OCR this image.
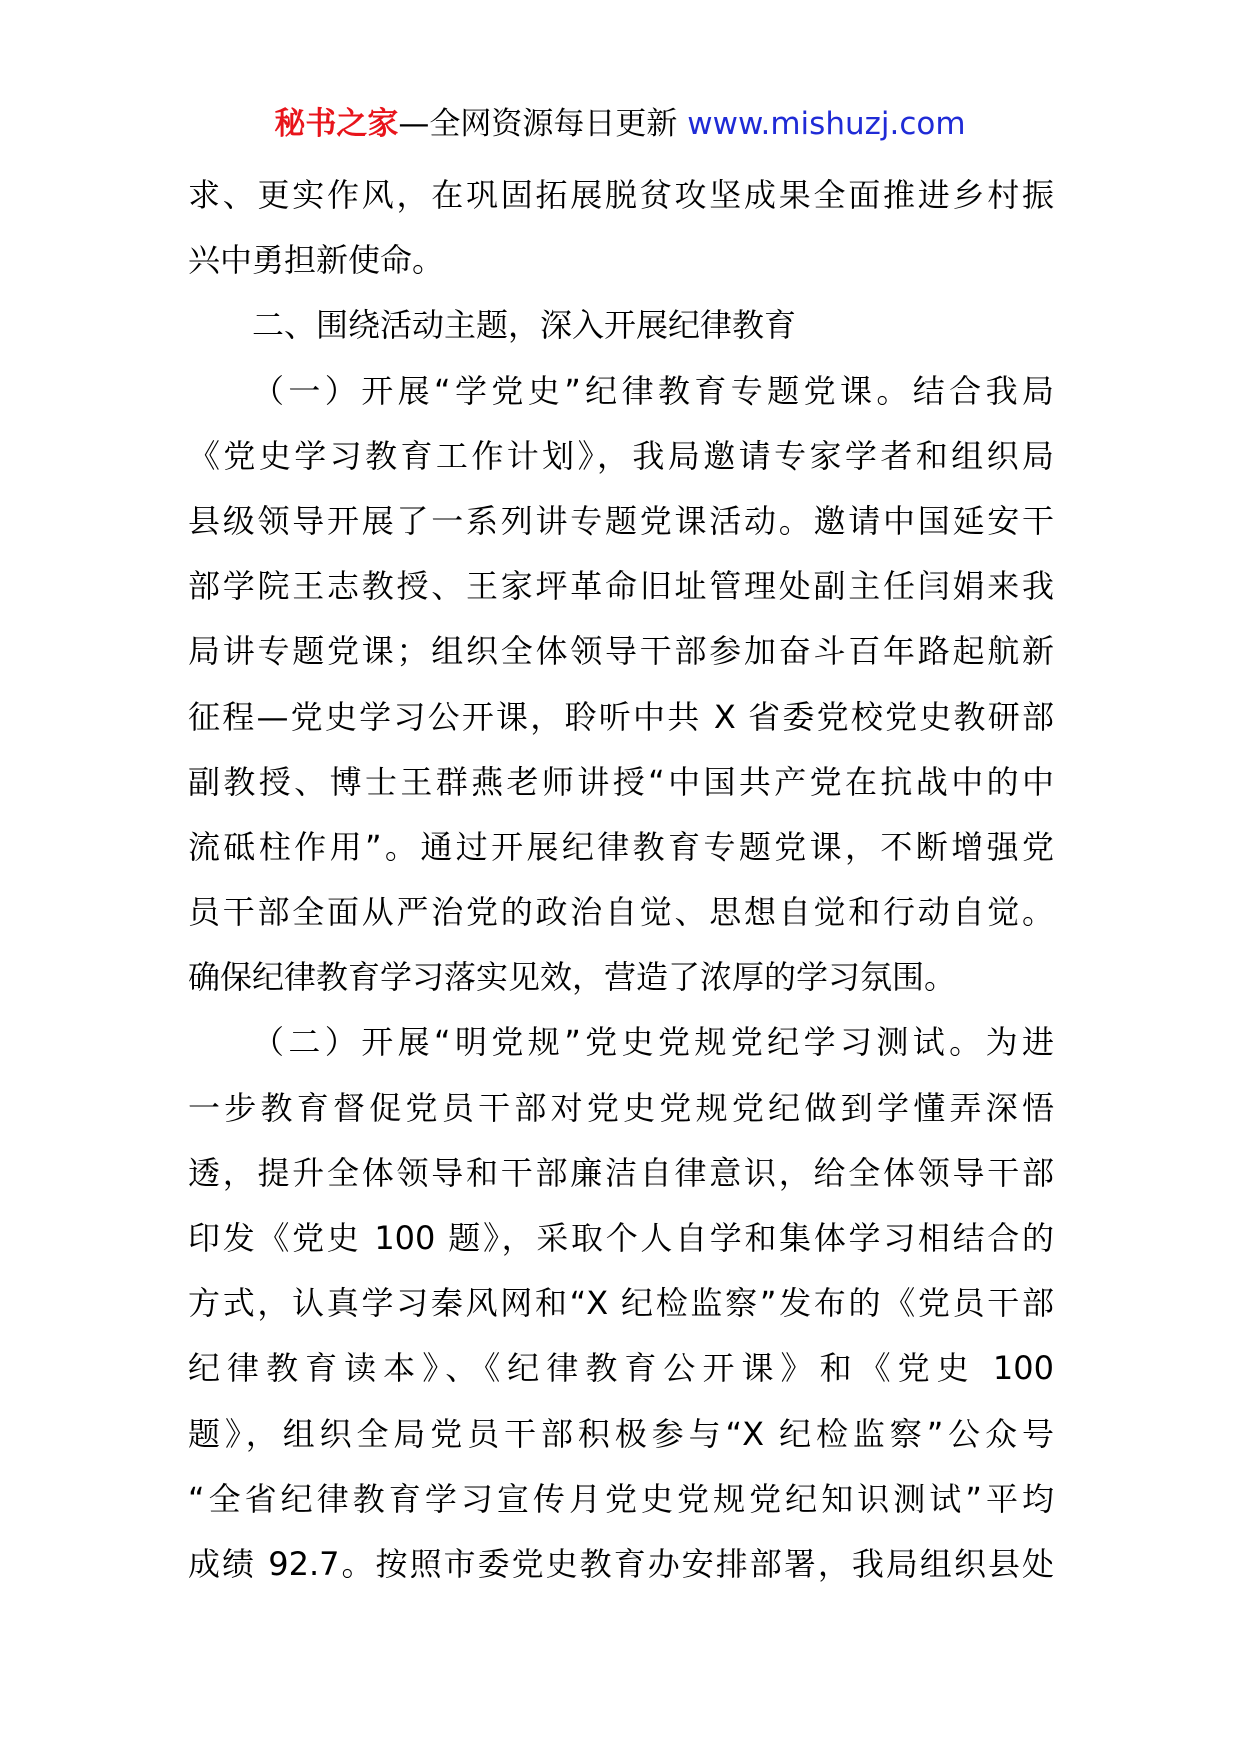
秘书之家—全网资源每日更新 www.mishuzj.com
求、更实作风，在巩固拓展脱贫攻坚成果全面推进乡村振
兴中勇担新使命。
二、围绕活动主题，深入开展纪律教育
（一）开展“学党史”纪律教育专题党课。结合我局
《党史学习教育工作计划》，我局邀请专家学者和组织局
县级领导开展了一系列讲专题党课活动。邀请中国延安干
部学院王志教授、王家坪革命旧址管理处副主任闫娟来我
局讲专题党课；组织全体领导干部参加奋斗百年路起航新
征程—党史学习公开课，聆听中共 X 省委党校党史教研部
副教授、博士王群燕老师讲授“中国共产党在抗战中的中
流砥柱作用”。通过开展纪律教育专题党课，不断增强党
员干部全面从严治党的政治自觉、思想自觉和行动自觉。
确保纪律教育学习落实见效，营造了浓厚的学习氛围。
（二）开展“明党规”党史党规党纪学习测试。为进
一步教育督促党员干部对党史党规党纪做到学懂弄深悟
透，提升全体领导和干部廉洁自律意识，给全体领导干部
印发《党史 100 题》，采取个人自学和集体学习相结合的
方式，认真学习秦风网和“X 纪检监察”发布的《党员干部
纪律教育读本》、《纪律教育公开课》和《党史 100
题》，组织全局党员干部积极参与“X 纪检监察”公众号
“全省纪律教育学习宣传月党史党规党纪知识测试”平均
成绩 92.7。按照市委党史教育办安排部署，我局组织县处
